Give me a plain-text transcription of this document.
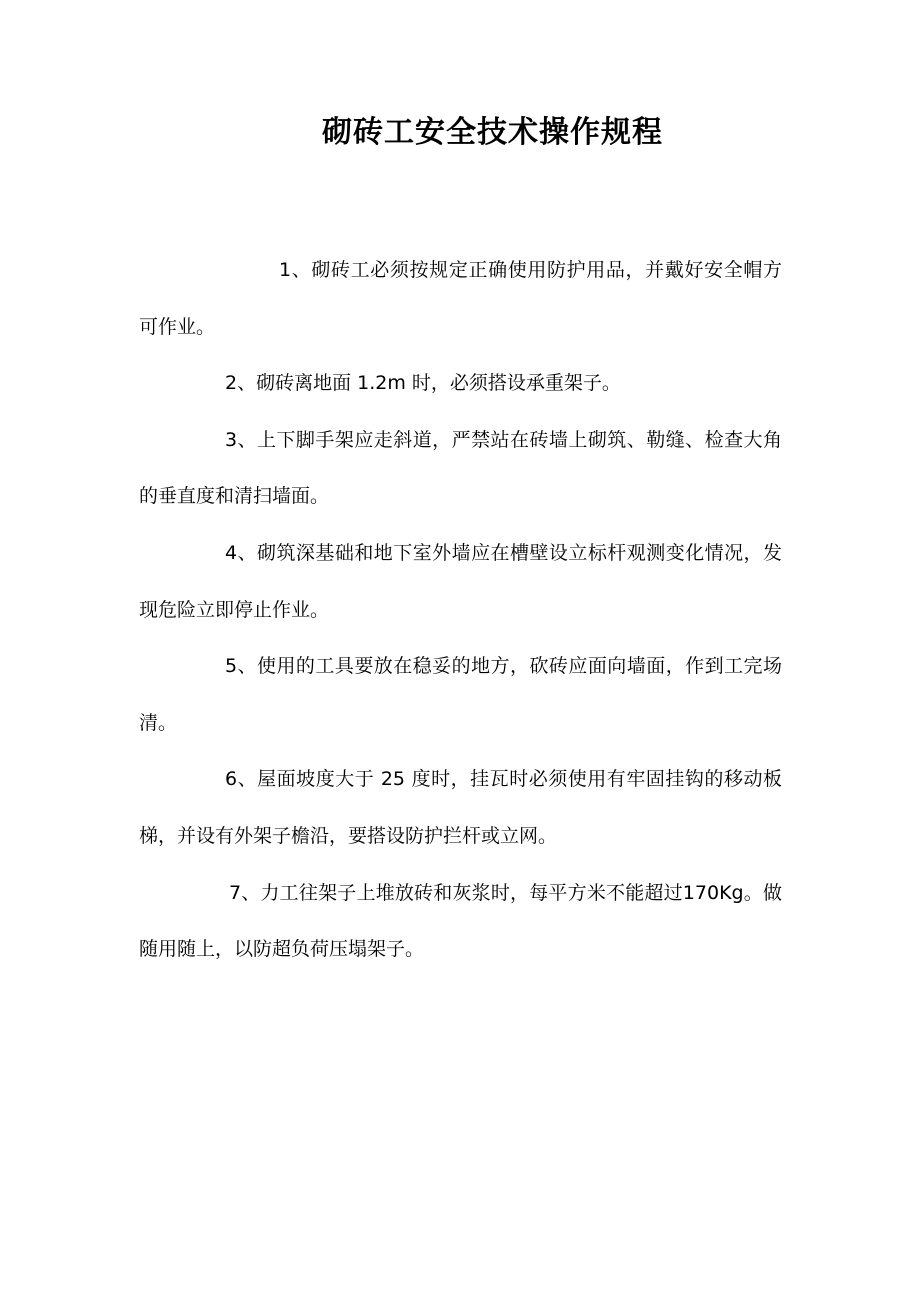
砌砖工安全技术操作规程

1、砌砖工必须按规定正确使用防护用品，并戴好安全帽方可作业。

2、砌砖离地面 1.2m 时，必须搭设承重架子。

3、上下脚手架应走斜道，严禁站在砖墙上砌筑、勒缝、检查大角的垂直度和清扫墙面。

4、砌筑深基础和地下室外墙应在槽壁设立标杆观测变化情况，发现危险立即停止作业。

5、使用的工具要放在稳妥的地方，砍砖应面向墙面，作到工完场清。

6、屋面坡度大于 25 度时，挂瓦时必须使用有牢固挂钩的移动板梯，并设有外架子檐沿，要搭设防护拦杆或立网。

7、力工往架子上堆放砖和灰浆时，每平方米不能超过170Kg。做随用随上，以防超负荷压塌架子。
